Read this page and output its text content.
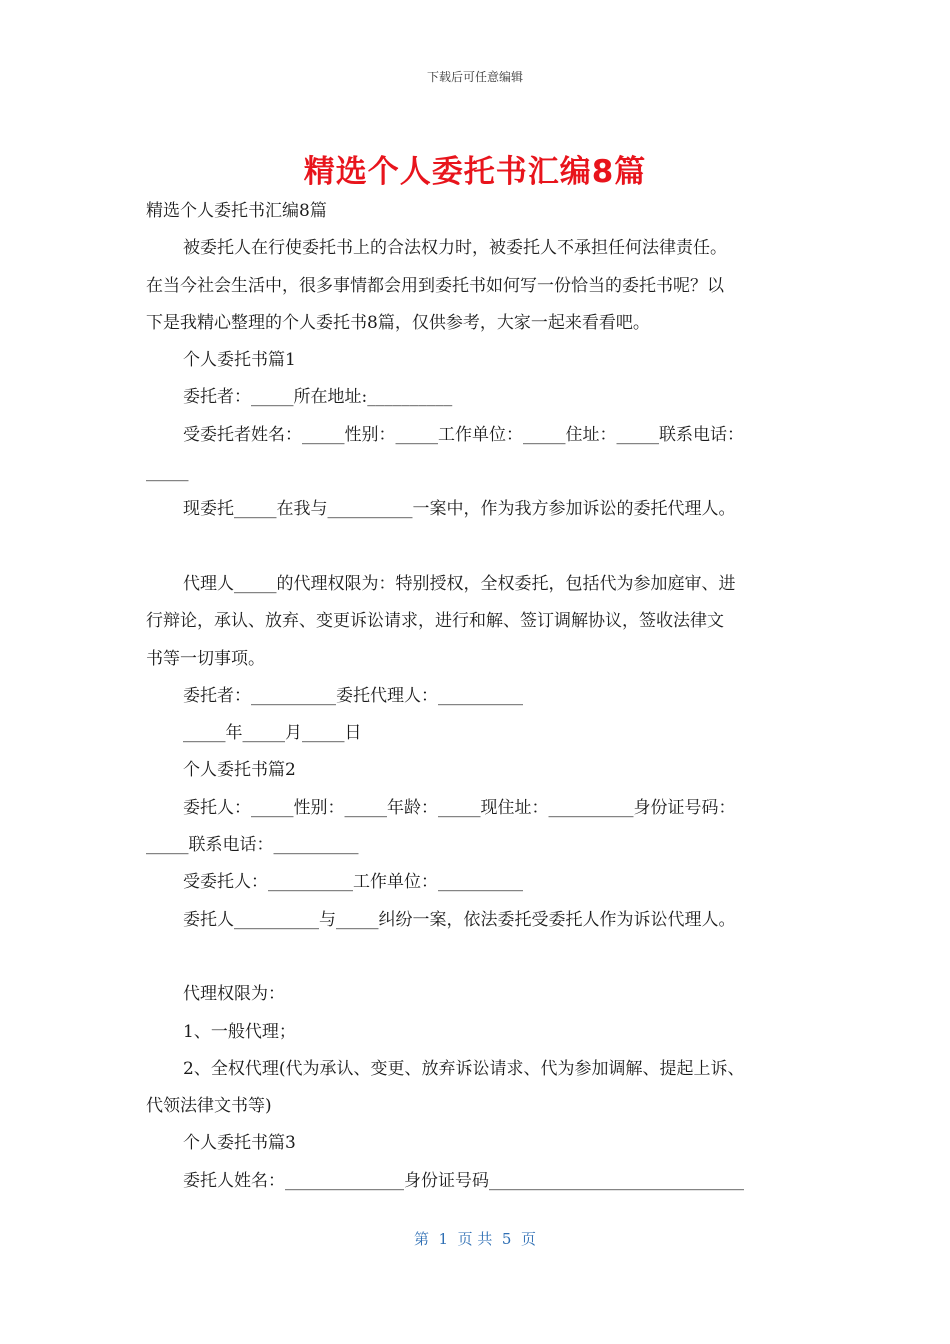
下载后可任意编辑
精选个人委托书汇编8篇

精选个人委托书汇编8篇

被委托人在行使委托书上的合法权力时，被委托人不承担任何法律责任。

在当今社会生活中，很多事情都会用到委托书如何写一份恰当的委托书呢？以

下是我精心整理的个人委托书8篇，仅供参考，大家一起来看看吧。

个人委托书篇1

委托者：_____所在地址:__________

受委托者姓名：_____性别：_____工作单位：_____住址：_____联系电话：

_____

现委托_____在我与__________一案中，作为我方参加诉讼的委托代理人。

代理人_____的代理权限为：特别授权，全权委托，包括代为参加庭审、进

行辩论，承认、放弃、变更诉讼请求，进行和解、签订调解协议，签收法律文

书等一切事项。

委托者：__________委托代理人：__________

_____年_____月_____日

个人委托书篇2

委托人：_____性别：_____年龄：_____现住址：__________身份证号码：

_____联系电话：__________

受委托人：__________工作单位：__________

委托人__________与_____纠纷一案，依法委托受委托人作为诉讼代理人。

代理权限为：

1、一般代理；

2、全权代理(代为承认、变更、放弃诉讼请求、代为参加调解、提起上诉、

代领法律文书等)

个人委托书篇3

委托人姓名：______________身份证号码______________________________

第  1  页 共  5  页
